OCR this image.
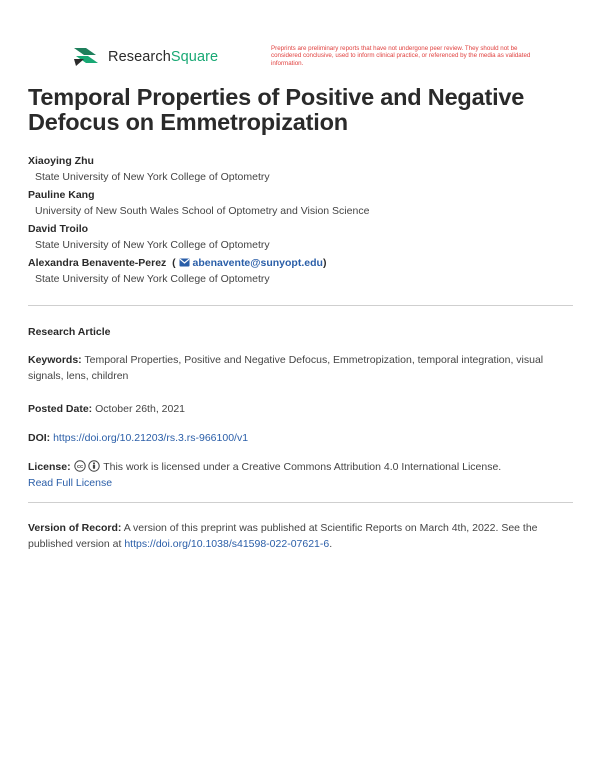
ResearchSquare
Preprints are preliminary reports that have not undergone peer review. They should not be considered conclusive, used to inform clinical practice, or referenced by the media as validated information.
Temporal Properties of Positive and Negative Defocus on Emmetropization
Xiaoying Zhu
State University of New York College of Optometry
Pauline Kang
University of New South Wales School of Optometry and Vision Science
David Troilo
State University of New York College of Optometry
Alexandra Benavente-Perez  (  abenavente@sunyopt.edu)
State University of New York College of Optometry
Research Article
Keywords: Temporal Properties, Positive and Negative Defocus, Emmetropization, temporal integration, visual signals, lens, children
Posted Date: October 26th, 2021
DOI: https://doi.org/10.21203/rs.3.rs-966100/v1
License: cc This work is licensed under a Creative Commons Attribution 4.0 International License.
Read Full License
Version of Record: A version of this preprint was published at Scientific Reports on March 4th, 2022. See the published version at https://doi.org/10.1038/s41598-022-07621-6.
